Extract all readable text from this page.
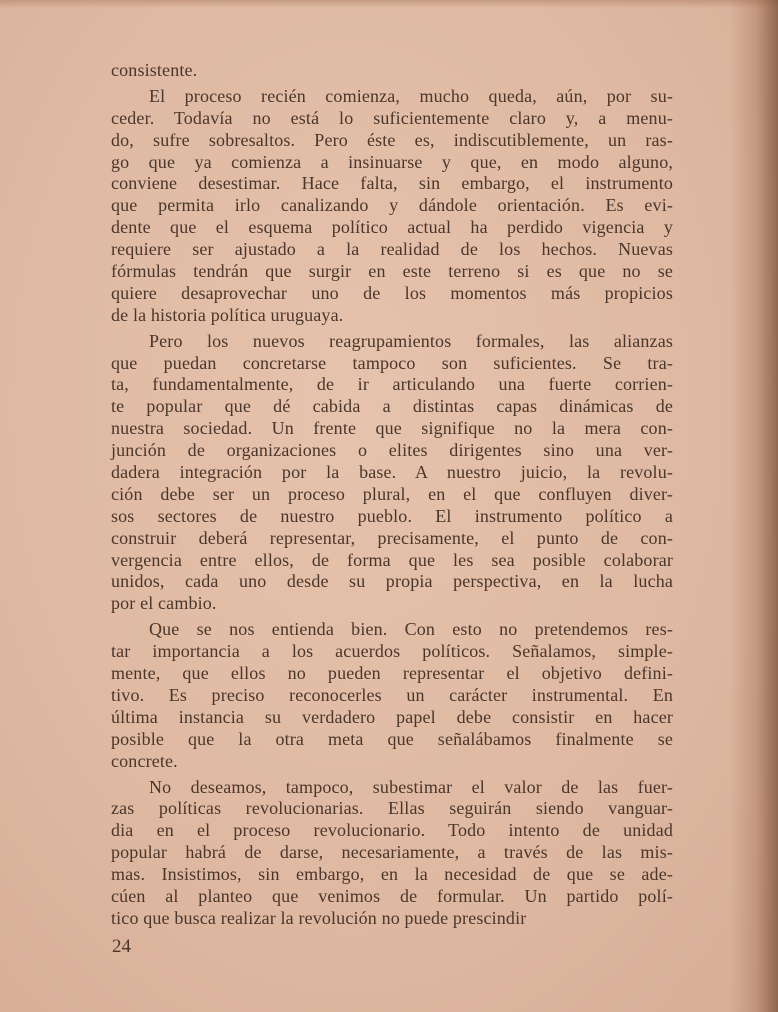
consistente.
El proceso recién comienza, mucho queda, aún, por su-
ceder. Todavía no está lo suficientemente claro y, a menu-
do, sufre sobresaltos. Pero éste es, indiscutiblemente, un ras-
go que ya comienza a insinuarse y que, en modo alguno,
conviene desestimar. Hace falta, sin embargo, el instrumento
que permita irlo canalizando y dándole orientación. Es evi-
dente que el esquema político actual ha perdido vigencia y
requiere ser ajustado a la realidad de los hechos. Nuevas
fórmulas tendrán que surgir en este terreno si es que no se
quiere desaprovechar uno de los momentos más propicios
de la historia política uruguaya.
Pero los nuevos reagrupamientos formales, las alianzas
que puedan concretarse tampoco son suficientes. Se tra-
ta, fundamentalmente, de ir articulando una fuerte corrien-
te popular que dé cabida a distintas capas dinámicas de
nuestra sociedad. Un frente que signifique no la mera con-
junción de organizaciones o elites dirigentes sino una ver-
dadera integración por la base. A nuestro juicio, la revolu-
ción debe ser un proceso plural, en el que confluyen diver-
sos sectores de nuestro pueblo. El instrumento político a
construir deberá representar, precisamente, el punto de con-
vergencia entre ellos, de forma que les sea posible colaborar
unidos, cada uno desde su propia perspectiva, en la lucha
por el cambio.
Que se nos entienda bien. Con esto no pretendemos res-
tar importancia a los acuerdos políticos. Señalamos, simple-
mente, que ellos no pueden representar el objetivo defini-
tivo. Es preciso reconocerles un carácter instrumental. En
última instancia su verdadero papel debe consistir en hacer
posible que la otra meta que señalábamos finalmente se
concrete.
No deseamos, tampoco, subestimar el valor de las fuer-
zas políticas revolucionarias. Ellas seguirán siendo vanguar-
dia en el proceso revolucionario. Todo intento de unidad
popular habrá de darse, necesariamente, a través de las mis-
mas. Insistimos, sin embargo, en la necesidad de que se ade-
cúen al planteo que venimos de formular. Un partido polí-
tico que busca realizar la revolución no puede prescindir
24
